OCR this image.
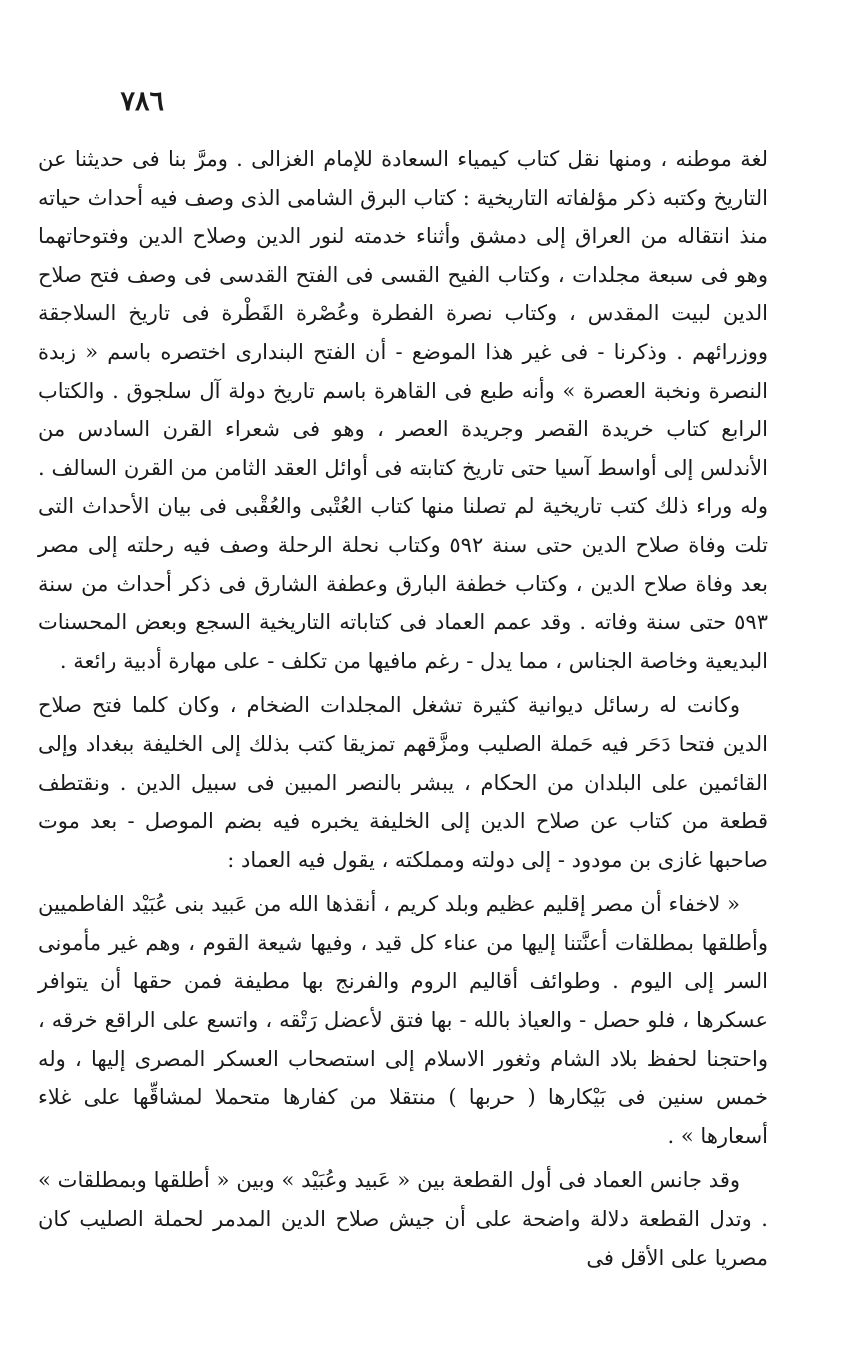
٧٨٦

لغة موطنه ، ومنها نقل كتاب كيمياء السعادة للإمام الغزالى . ومرَّ بنا فى حديثنا عن التاريخ وكتبه ذكر مؤلفاته التاريخية : كتاب البرق الشامى الذى وصف فيه أحداث حياته منذ انتقاله من العراق إلى دمشق وأثناء خدمته لنور الدين وصلاح الدين وفتوحاتهما وهو فى سبعة مجلدات ، وكتاب الفيح القسى فى الفتح القدسى فى وصف فتح صلاح الدين لبيت المقدس ، وكتاب نصرة الفطرة وعُصْرة القَطْرة فى تاريخ السلاجقة ووزرائهم . وذكرنا - فى غير هذا الموضع - أن الفتح البندارى اختصره باسم « زبدة النصرة ونخبة العصرة » وأنه طبع فى القاهرة باسم تاريخ دولة آل سلجوق . والكتاب الرابع كتاب خريدة القصر وجريدة العصر ، وهو فى شعراء القرن السادس من الأندلس إلى أواسط آسيا حتى تاريخ كتابته فى أوائل العقد الثامن من القرن السالف . وله وراء ذلك كتب تاريخية لم تصلنا منها كتاب العُتْبى والعُقْبى فى بيان الأحداث التى تلت وفاة صلاح الدين حتى سنة ٥٩٢ وكتاب نحلة الرحلة وصف فيه رحلته إلى مصر بعد وفاة صلاح الدين ، وكتاب خطفة البارق وعطفة الشارق فى ذكر أحداث من سنة ٥٩٣ حتى سنة وفاته . وقد عمم العماد فى كتاباته التاريخية السجع وبعض المحسنات البديعية وخاصة الجناس ، مما يدل - رغم مافيها من تكلف - على مهارة أدبية رائعة .

وكانت له رسائل ديوانية كثيرة تشغل المجلدات الضخام ، وكان كلما فتح صلاح الدين فتحا دَحَر فيه حَملة الصليب ومزَّقهم تمزيقا كتب بذلك إلى الخليفة ببغداد وإلى القائمين على البلدان من الحكام ، يبشر بالنصر المبين فى سبيل الدين . ونقتطف قطعة من كتاب عن صلاح الدين إلى الخليفة يخبره فيه بضم الموصل - بعد موت صاحبها غازى بن مودود - إلى دولته ومملكته ، يقول فيه العماد :

« لاخفاء أن مصر إقليم عظيم وبلد كريم ، أنقذها الله من عَبيد بنى عُبَيْد الفاطميين وأطلقها بمطلقات أعنَّتنا إليها من عناء كل قيد ، وفيها شيعة القوم ، وهم غير مأمونى السر إلى اليوم . وطوائف أقاليم الروم والفرنج بها مطيفة فمن حقها أن يتوافر عسكرها ، فلو حصل - والعياذ بالله - بها فتق لأعضل رَتْقه ، واتسع على الراقع خرقه ، واحتجنا لحفظ بلاد الشام وثغور الاسلام إلى استصحاب العسكر المصرى إليها ، وله خمس سنين فى بَيْكارها ( حربها ) منتقلا من كفارها متحملا لمشاقِّها على غلاء أسعارها » .

وقد جانس العماد فى أول القطعة بين « عَبيد وعُبَيْد » وبين « أطلقها وبمطلقات » . وتدل القطعة دلالة واضحة على أن جيش صلاح الدين المدمر لحملة الصليب كان مصريا على الأقل فى
